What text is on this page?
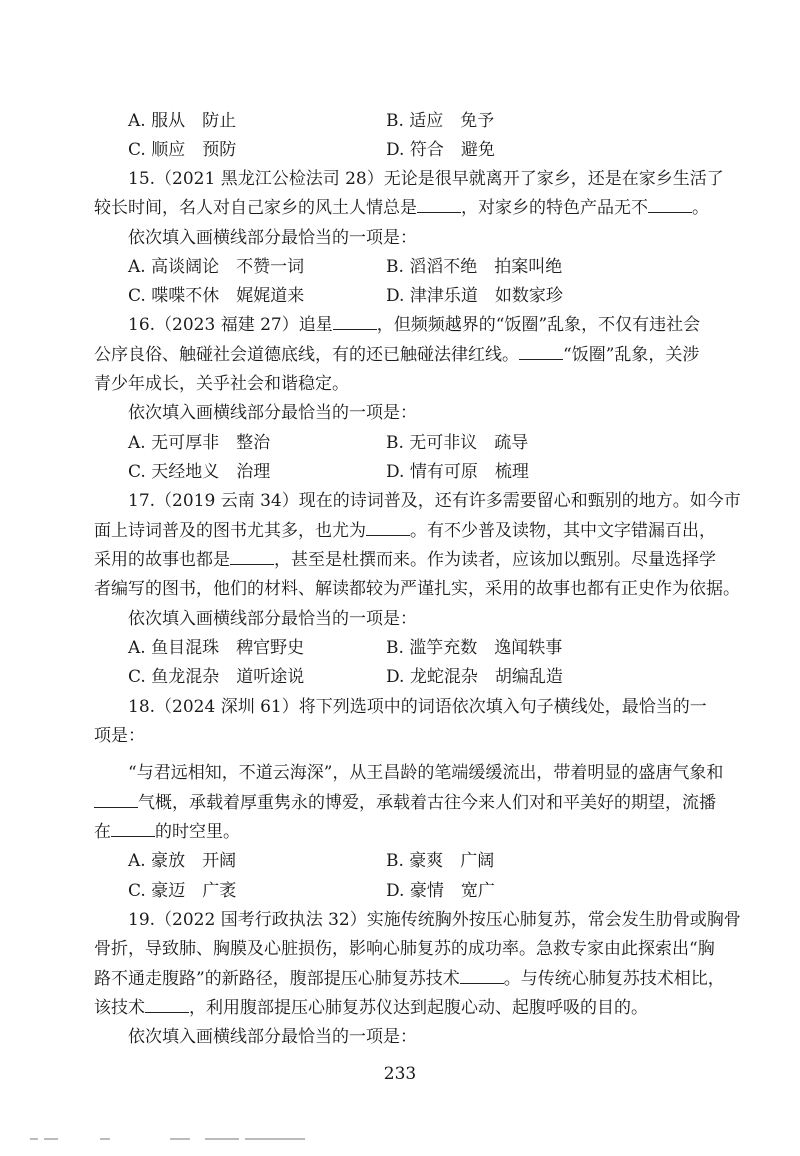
A. 服从　防止	B. 适应　免予
C. 顺应　预防	D. 符合　避免
15.（2021 黑龙江公检法司 28）无论是很早就离开了家乡，还是在家乡生活了
较长时间，名人对自己家乡的风土人情总是	，对家乡的特色产品无不	。
依次填入画横线部分最恰当的一项是：
A. 高谈阔论　不赞一词	B. 滔滔不绝　拍案叫绝
C. 喋喋不休　娓娓道来	D. 津津乐道　如数家珍
16.（2023 福建 27）追星	，但频频越界的“饭圈”乱象，不仅有违社会
公序良俗、触碰社会道德底线，有的还已触碰法律红线。	“饭圈”乱象，关涉
青少年成长，关乎社会和谐稳定。
依次填入画横线部分最恰当的一项是：
A. 无可厚非　整治	B. 无可非议　疏导
C. 天经地义　治理	D. 情有可原　梳理
17.（2019 云南 34）现在的诗词普及，还有许多需要留心和甄别的地方。如今市
面上诗词普及的图书尤其多，也尤为	。有不少普及读物，其中文字错漏百出，
采用的故事也都是	，甚至是杜撰而来。作为读者，应该加以甄别。尽量选择学
者编写的图书，他们的材料、解读都较为严谨扎实，采用的故事也都有正史作为依据。
依次填入画横线部分最恰当的一项是：
A. 鱼目混珠　稗官野史	B. 滥竽充数　逸闻轶事
C. 鱼龙混杂　道听途说	D. 龙蛇混杂　胡编乱造
18.（2024 深圳 61）将下列选项中的词语依次填入句子横线处，最恰当的一
项是：
“与君远相知，不道云海深”，从王昌龄的笔端缓缓流出，带着明显的盛唐气象和
气概，承载着厚重隽永的博爱，承载着古往今来人们对和平美好的期望，流播
在	的时空里。
A. 豪放　开阔	B. 豪爽　广阔
C. 豪迈　广袤	D. 豪情　宽广
19.（2022 国考行政执法 32）实施传统胸外按压心肺复苏，常会发生肋骨或胸骨
骨折，导致肺、胸膜及心脏损伤，影响心肺复苏的成功率。急救专家由此探索出“胸
路不通走腹路”的新路径，腹部提压心肺复苏技术	。与传统心肺复苏技术相比，
该技术	，利用腹部提压心肺复苏仪达到起腹心动、起腹呼吸的目的。
依次填入画横线部分最恰当的一项是：
233
